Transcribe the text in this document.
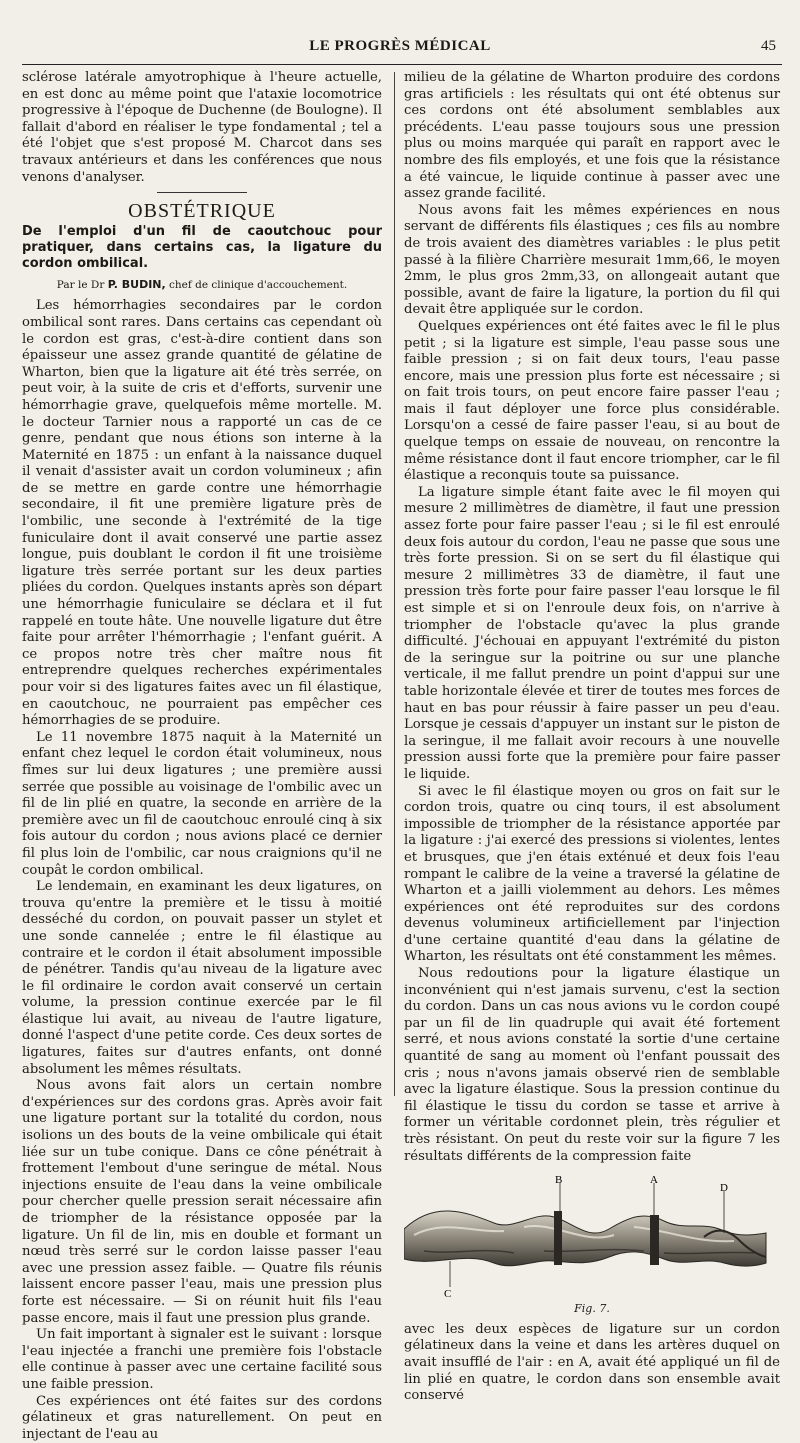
LE PROGRÈS MÉDICAL	45

sclérose latérale amyotrophique à l'heure actuelle, en est donc au même point que l'ataxie locomotrice progressive à l'époque de Duchenne (de Boulogne). Il fallait d'abord en réaliser le type fondamental ; tel a été l'objet que s'est proposé M. Charcot dans ses travaux antérieurs et dans les conférences que nous venons d'analyser.

OBSTÉTRIQUE

De l'emploi d'un fil de caoutchouc pour pratiquer, dans certains cas, la ligature du cordon ombilical.

Par le Dr P. BUDIN, chef de clinique d'accouchement.

Les hémorrhagies secondaires par le cordon ombilical sont rares. Dans certains cas cependant où le cordon est gras, c'est-à-dire contient dans son épaisseur une assez grande quantité de gélatine de Wharton, bien que la ligature ait été très serrée, on peut voir, à la suite de cris et d'efforts, survenir une hémorrhagie grave, quelquefois même mortelle. M. le docteur Tarnier nous a rapporté un cas de ce genre, pendant que nous étions son interne à la Maternité en 1875 : un enfant à la naissance duquel il venait d'assister avait un cordon volumineux ; afin de se mettre en garde contre une hémorrhagie secondaire, il fit une première ligature près de l'ombilic, une seconde à l'extrémité de la tige funiculaire dont il avait conservé une partie assez longue, puis doublant le cordon il fit une troisième ligature très serrée portant sur les deux parties pliées du cordon. Quelques instants après son départ une hémorrhagie funiculaire se déclara et il fut rappelé en toute hâte. Une nouvelle ligature dut être faite pour arrêter l'hémorrhagie ; l'enfant guérit. A ce propos notre très cher maître nous fit entreprendre quelques recherches expérimentales pour voir si des ligatures faites avec un fil élastique, en caoutchouc, ne pourraient pas empêcher ces hémorrhagies de se produire.

Le 11 novembre 1875 naquit à la Maternité un enfant chez lequel le cordon était volumineux, nous fîmes sur lui deux ligatures ; une première aussi serrée que possible au voisinage de l'ombilic avec un fil de lin plié en quatre, la seconde en arrière de la première avec un fil de caoutchouc enroulé cinq à six fois autour du cordon ; nous avions placé ce dernier fil plus loin de l'ombilic, car nous craignions qu'il ne coupât le cordon ombilical.

Le lendemain, en examinant les deux ligatures, on trouva qu'entre la première et le tissu à moitié desséché du cordon, on pouvait passer un stylet et une sonde cannelée ; entre le fil élastique au contraire et le cordon il était absolument impossible de pénétrer. Tandis qu'au niveau de la ligature avec le fil ordinaire le cordon avait conservé un certain volume, la pression continue exercée par le fil élastique lui avait, au niveau de l'autre ligature, donné l'aspect d'une petite corde. Ces deux sortes de ligatures, faites sur d'autres enfants, ont donné absolument les mêmes résultats.

Nous avons fait alors un certain nombre d'expériences sur des cordons gras. Après avoir fait une ligature portant sur la totalité du cordon, nous isolions un des bouts de la veine ombilicale qui était liée sur un tube conique. Dans ce cône pénétrait à frottement l'embout d'une seringue de métal. Nous injections ensuite de l'eau dans la veine ombilicale pour chercher quelle pression serait nécessaire afin de triompher de la résistance opposée par la ligature. Un fil de lin, mis en double et formant un nœud très serré sur le cordon laisse passer l'eau avec une pression assez faible. — Quatre fils réunis laissent encore passer l'eau, mais une pression plus forte est nécessaire. — Si on réunit huit fils l'eau passe encore, mais il faut une pression plus grande.

Un fait important à signaler est le suivant : lorsque l'eau injectée a franchi une première fois l'obstacle elle continue à passer avec une certaine facilité sous une faible pression.

Ces expériences ont été faites sur des cordons gélatineux et gras naturellement. On peut en injectant de l'eau au

milieu de la gélatine de Wharton produire des cordons gras artificiels : les résultats qui ont été obtenus sur ces cordons ont été absolument semblables aux précédents. L'eau passe toujours sous une pression plus ou moins marquée qui paraît en rapport avec le nombre des fils employés, et une fois que la résistance a été vaincue, le liquide continue à passer avec une assez grande facilité.

Nous avons fait les mêmes expériences en nous servant de différents fils élastiques ; ces fils au nombre de trois avaient des diamètres variables : le plus petit passé à la filière Charrière mesurait 1mm,66, le moyen 2mm, le plus gros 2mm,33, on allongeait autant que possible, avant de faire la ligature, la portion du fil qui devait être appliquée sur le cordon.

Quelques expériences ont été faites avec le fil le plus petit ; si la ligature est simple, l'eau passe sous une faible pression ; si on fait deux tours, l'eau passe encore, mais une pression plus forte est nécessaire ; si on fait trois tours, on peut encore faire passer l'eau ; mais il faut déployer une force plus considérable. Lorsqu'on a cessé de faire passer l'eau, si au bout de quelque temps on essaie de nouveau, on rencontre la même résistance dont il faut encore triompher, car le fil élastique a reconquis toute sa puissance.

La ligature simple étant faite avec le fil moyen qui mesure 2 millimètres de diamètre, il faut une pression assez forte pour faire passer l'eau ; si le fil est enroulé deux fois autour du cordon, l'eau ne passe que sous une très forte pression. Si on se sert du fil élastique qui mesure 2 millimètres 33 de diamètre, il faut une pression très forte pour faire passer l'eau lorsque le fil est simple et si on l'enroule deux fois, on n'arrive à triompher de l'obstacle qu'avec la plus grande difficulté. J'échouai en appuyant l'extrémité du piston de la seringue sur la poitrine ou sur une planche verticale, il me fallut prendre un point d'appui sur une table horizontale élevée et tirer de toutes mes forces de haut en bas pour réussir à faire passer un peu d'eau. Lorsque je cessais d'appuyer un instant sur le piston de la seringue, il me fallait avoir recours à une nouvelle pression aussi forte que la première pour faire passer le liquide.

Si avec le fil élastique moyen ou gros on fait sur le cordon trois, quatre ou cinq tours, il est absolument impossible de triompher de la résistance apportée par la ligature : j'ai exercé des pressions si violentes, lentes et brusques, que j'en étais exténué et deux fois l'eau rompant le calibre de la veine a traversé la gélatine de Wharton et a jailli violemment au dehors. Les mêmes expériences ont été reproduites sur des cordons devenus volumineux artificiellement par l'injection d'une certaine quantité d'eau dans la gélatine de Wharton, les résultats ont été constamment les mêmes.

Nous redoutions pour la ligature élastique un inconvénient qui n'est jamais survenu, c'est la section du cordon. Dans un cas nous avions vu le cordon coupé par un fil de lin quadruple qui avait été fortement serré, et nous avions constaté la sortie d'une certaine quantité de sang au moment où l'enfant poussait des cris ; nous n'avons jamais observé rien de semblable avec la ligature élastique. Sous la pression continue du fil élastique le tissu du cordon se tasse et arrive à former un véritable cordonnet plein, très régulier et très résistant. On peut du reste voir sur la figure 7 les résultats différents de la compression faite

B	A
D
C
Fig. 7.

avec les deux espèces de ligature sur un cordon gélatineux dans la veine et dans les artères duquel on avait insufflé de l'air : en A, avait été appliqué un fil de lin plié en quatre, le cordon dans son ensemble avait conservé
